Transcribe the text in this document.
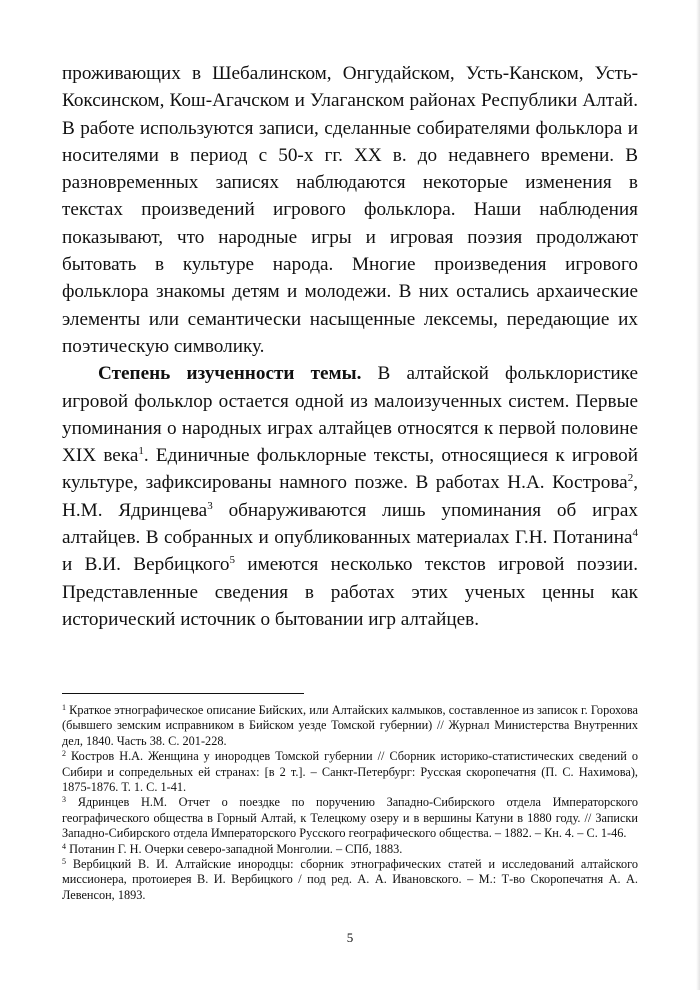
проживающих в Шебалинском, Онгудайском, Усть-Канском, Усть-Коксинском, Кош-Агачском и Улаганском районах Республики Алтай. В работе используются записи, сделанные собирателями фольклора и носителями в период с 50-х гг. XX в. до недавнего времени. В разновременных записях наблюдаются некоторые изменения в текстах произведений игрового фольклора. Наши наблюдения показывают, что народные игры и игровая поэзия продолжают бытовать в культуре народа. Многие произведения игрового фольклора знакомы детям и молодежи. В них остались архаические элементы или семантически насыщенные лексемы, передающие их поэтическую символику.

Степень изученности темы. В алтайской фольклористике игровой фольклор остается одной из малоизученных систем. Первые упоминания о народных играх алтайцев относятся к первой половине XIX века$^1$. Единичные фольклорные тексты, относящиеся к игровой культуре, зафиксированы намного позже. В работах Н.А. Кострова$^2$, Н.М. Ядринцева$^3$ обнаруживаются лишь упоминания об играх алтайцев. В собранных и опубликованных материалах Г.Н. Потанина$^4$ и В.И. Вербицкого$^5$ имеются несколько текстов игровой поэзии. Представленные сведения в работах этих ученых ценны как исторический источник о бытовании игр алтайцев.

$^1$ Краткое этнографическое описание Бийских, или Алтайских калмыков, составленное из записок г. Горохова (бывшего земским исправником в Бийском уезде Томской губернии) // Журнал Министерства Внутренних дел, 1840. Часть 38. С. 201-228.

$^2$ Костров Н.А. Женщина у инородцев Томской губернии // Сборник историко-статистических сведений о Сибири и сопредельных ей странах: [в 2 т.]. – Санкт-Петербург: Русская скоропечатня (П. С. Нахимова), 1875-1876. Т. 1. С. 1-41.

$^3$ Ядринцев Н.М. Отчет о поездке по поручению Западно-Сибирского отдела Императорского географического общества в Горный Алтай, к Телецкому озеру и в вершины Катуни в 1880 году. // Записки Западно-Сибирского отдела Императорского Русского географического общества. – 1882. – Кн. 4. – С. 1-46.

$^4$ Потанин Г. Н. Очерки северо-западной Монголии. – СПб, 1883.

$^5$ Вербицкий В. И. Алтайские инородцы: сборник этнографических статей и исследований алтайского миссионера, протоиерея В. И. Вербицкого / под ред. А. А. Ивановского. – М.: Т-во Скоропечатня А. А. Левенсон, 1893.

5
